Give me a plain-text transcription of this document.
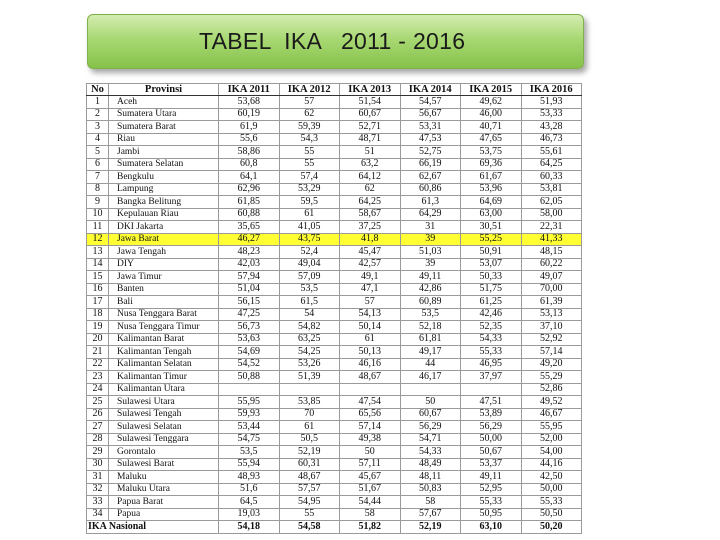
TABEL  IKA   2011 - 2016
No	Provinsi	IKA 2011	IKA 2012	IKA 2013	IKA 2014	IKA 2015	IKA 2016
1	Aceh	53,68	57	51,54	54,57	49,62	51,93
2	Sumatera Utara	60,19	62	60,67	56,67	46,00	53,33
3	Sumatera Barat	61,9	59,39	52,71	53,31	40,71	43,28
4	Riau	55,6	54,3	48,71	47,53	47,65	46,73
5	Jambi	58,86	55	51	52,75	53,75	55,61
6	Sumatera Selatan	60,8	55	63,2	66,19	69,36	64,25
7	Bengkulu	64,1	57,4	64,12	62,67	61,67	60,33
8	Lampung	62,96	53,29	62	60,86	53,96	53,81
9	Bangka Belitung	61,85	59,5	64,25	61,3	64,69	62,05
10	Kepulauan Riau	60,88	61	58,67	64,29	63,00	58,00
11	DKI Jakarta	35,65	41,05	37,25	31	30,51	22,31
12	Jawa Barat	46,27	43,75	41,8	39	55,25	41,33
13	Jawa Tengah	48,23	52,4	45,47	51,03	50,91	48,15
14	DIY	42,03	49,04	42,57	39	53,07	60,22
15	Jawa Timur	57,94	57,09	49,1	49,11	50,33	49,07
16	Banten	51,04	53,5	47,1	42,86	51,75	70,00
17	Bali	56,15	61,5	57	60,89	61,25	61,39
18	Nusa Tenggara Barat	47,25	54	54,13	53,5	42,46	53,13
19	Nusa Tenggara Timur	56,73	54,82	50,14	52,18	52,35	37,10
20	Kalimantan Barat	53,63	63,25	61	61,81	54,33	52,92
21	Kalimantan Tengah	54,69	54,25	50,13	49,17	55,33	57,14
22	Kalimantan Selatan	54,52	53,26	46,16	44	46,95	49,20
23	Kalimantan Timur	50,88	51,39	48,67	46,17	37,97	55,29
24	Kalimantan Utara						52,86
25	Sulawesi Utara	55,95	53,85	47,54	50	47,51	49,52
26	Sulawesi Tengah	59,93	70	65,56	60,67	53,89	46,67
27	Sulawesi Selatan	53,44	61	57,14	56,29	56,29	55,95
28	Sulawesi Tenggara	54,75	50,5	49,38	54,71	50,00	52,00
29	Gorontalo	53,5	52,19	50	54,33	50,67	54,00
30	Sulawesi Barat	55,94	60,31	57,11	48,49	53,37	44,16
31	Maluku	48,93	48,67	45,67	48,11	49,11	42,50
32	Maluku Utara	51,6	57,57	51,67	50,83	52,95	50,00
33	Papua Barat	64,5	54,95	54,44	58	55,33	55,33
34	Papua	19,03	55	58	57,67	50,95	50,50
IKA Nasional		54,18	54,58	51,82	52,19	63,10	50,20
